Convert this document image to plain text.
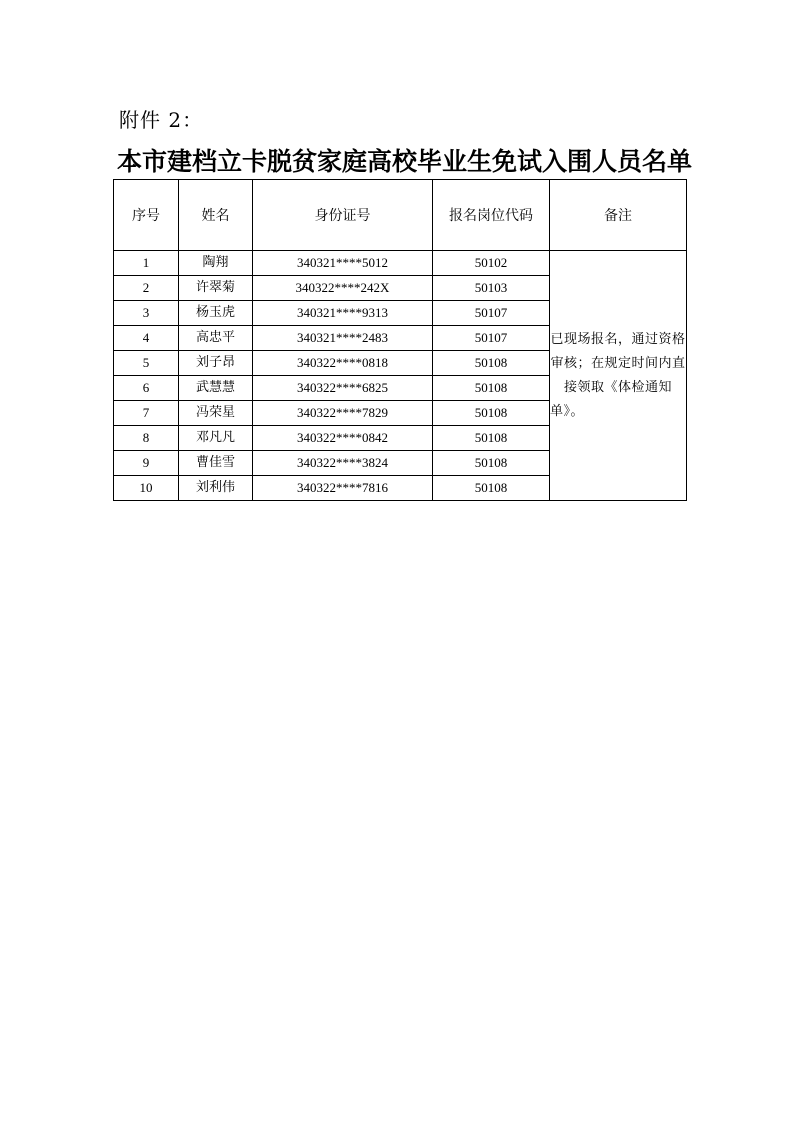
附件 2：
本市建档立卡脱贫家庭高校毕业生免试入围人员名单
序号	姓名	身份证号	报名岗位代码	备注
1	陶翔	340321****5012	50102	已现场报名，通过资格审核；在规定时间内直接领取《体检通知单》。
2	许翠菊	340322****242X	50103	
3	杨玉虎	340321****9313	50107	
4	高忠平	340321****2483	50107	
5	刘子昂	340322****0818	50108	
6	武慧慧	340322****6825	50108	
7	冯荣星	340322****7829	50108	
8	邓凡凡	340322****0842	50108	
9	曹佳雪	340322****3824	50108	
10	刘利伟	340322****7816	50108	
